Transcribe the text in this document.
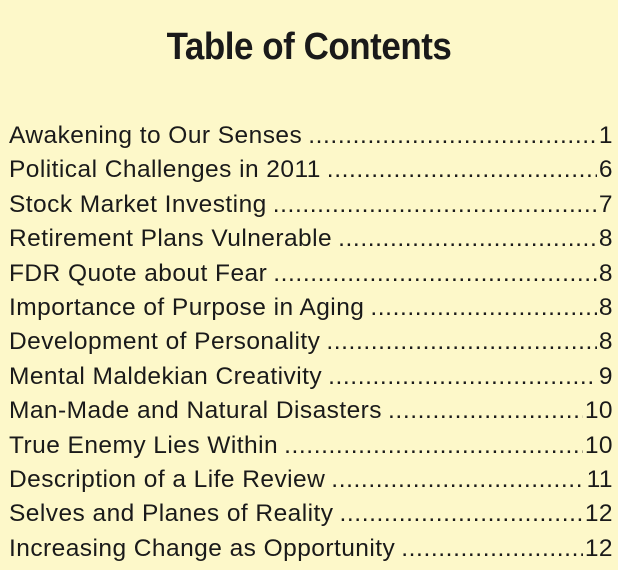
Table of Contents
Awakening to Our Senses .....	1
Political Challenges in 2011 .....	6
Stock Market Investing .....	7
Retirement Plans Vulnerable .....	8
FDR Quote about Fear .....	8
Importance of Purpose in Aging .....	8
Development of Personality .....	8
Mental Maldekian Creativity .....	9
Man-Made and Natural Disasters .....	10
True Enemy Lies Within .....	10
Description of a Life Review .....	11
Selves and Planes of Reality .....	12
Increasing Change as Opportunity .....	12
